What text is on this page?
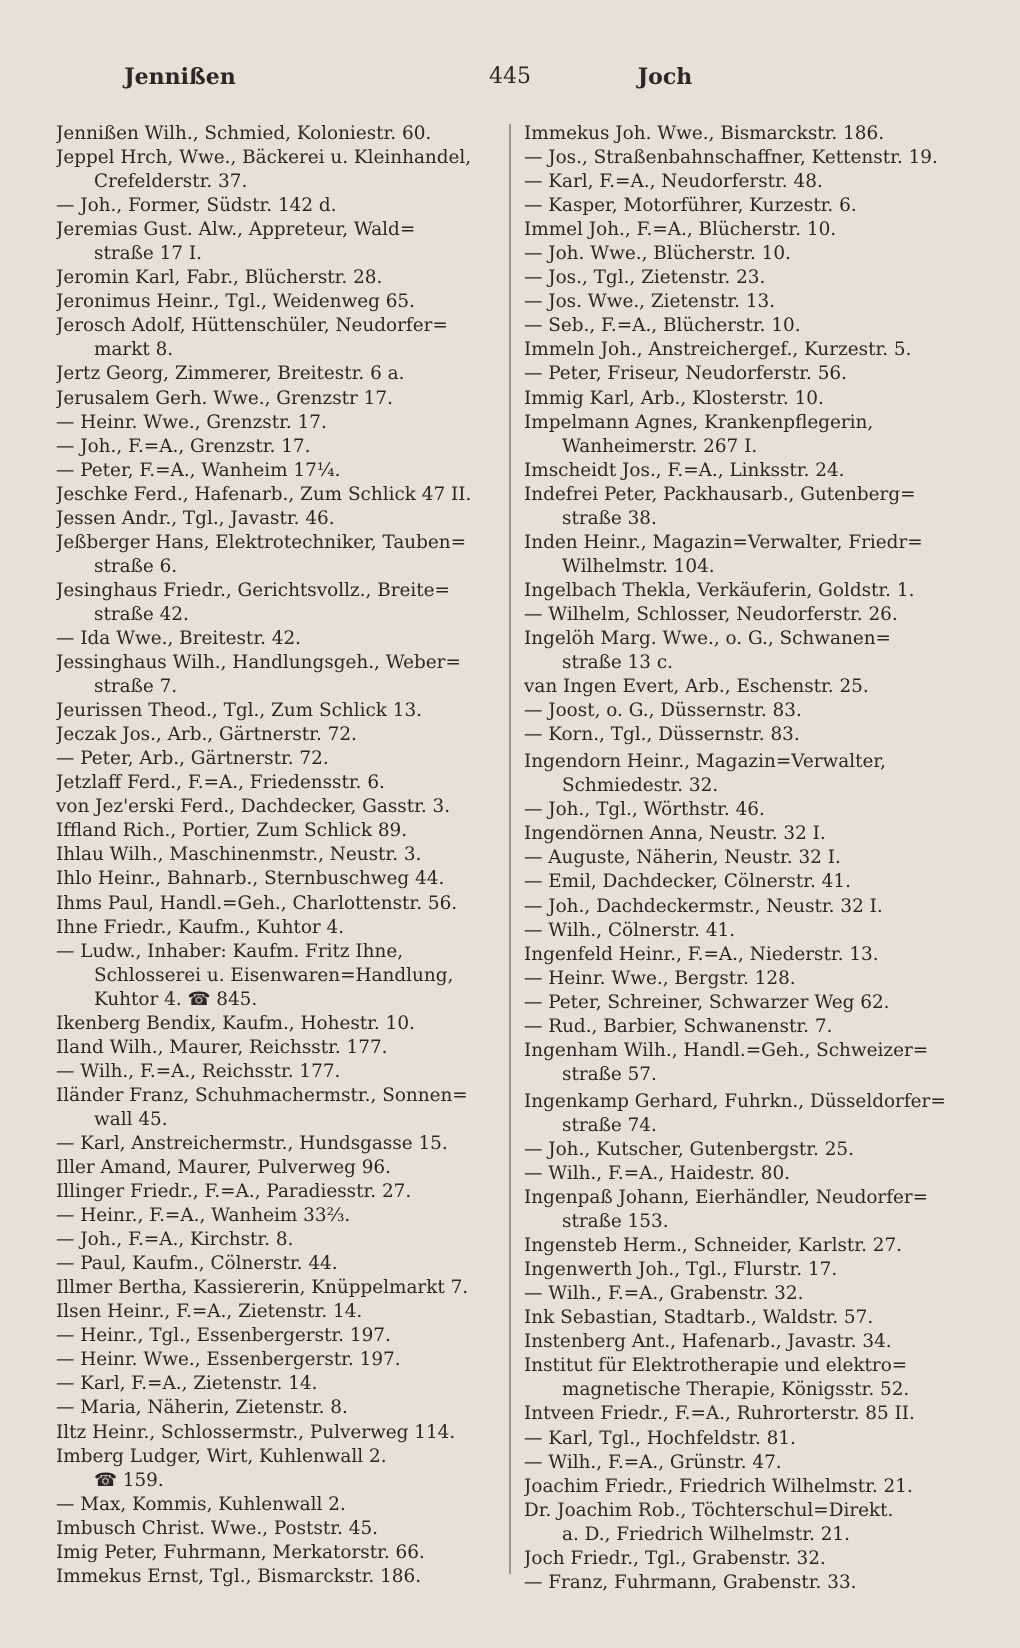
Jennißen	445	Joch
Jennißen Wilh., Schmied, Koloniestr. 60.
Jeppel Hrch, Wwe., Bäckerei u. Kleinhandel,
Crefelderstr. 37.
— Joh., Former, Südstr. 142 d.
Jeremias Gust. Alw., Appreteur, Wald=
straße 17 I.
Jeromin Karl, Fabr., Blücherstr. 28.
Jeronimus Heinr., Tgl., Weidenweg 65.
Jerosch Adolf, Hüttenschüler, Neudorfer=
markt 8.
Jertz Georg, Zimmerer, Breitestr. 6 a.
Jerusalem Gerh. Wwe., Grenzstr 17.
— Heinr. Wwe., Grenzstr. 17.
— Joh., F.=A., Grenzstr. 17.
— Peter, F.=A., Wanheim 17¼.
Jeschke Ferd., Hafenarb., Zum Schlick 47 II.
Jessen Andr., Tgl., Javastr. 46.
Jeßberger Hans, Elektrotechniker, Tauben=
straße 6.
Jesinghaus Friedr., Gerichtsvollz., Breite=
straße 42.
— Ida Wwe., Breitestr. 42.
Jessinghaus Wilh., Handlungsgeh., Weber=
straße 7.
Jeurissen Theod., Tgl., Zum Schlick 13.
Jeczak Jos., Arb., Gärtnerstr. 72.
— Peter, Arb., Gärtnerstr. 72.
Jetzlaff Ferd., F.=A., Friedensstr. 6.
von Jez'erski Ferd., Dachdecker, Gasstr. 3.
Iffland Rich., Portier, Zum Schlick 89.
Ihlau Wilh., Maschinenmstr., Neustr. 3.
Ihlo Heinr., Bahnarb., Sternbuschweg 44.
Ihms Paul, Handl.=Geh., Charlottenstr. 56.
Ihne Friedr., Kaufm., Kuhtor 4.
— Ludw., Inhaber: Kaufm. Fritz Ihne,
Schlosserei u. Eisenwaren=Handlung,
Kuhtor 4. ☎ 845.
Ikenberg Bendix, Kaufm., Hohestr. 10.
Iland Wilh., Maurer, Reichsstr. 177.
— Wilh., F.=A., Reichsstr. 177.
Iländer Franz, Schuhmachermstr., Sonnen=
wall 45.
— Karl, Anstreichermstr., Hundsgasse 15.
Iller Amand, Maurer, Pulverweg 96.
Illinger Friedr., F.=A., Paradiesstr. 27.
— Heinr., F.=A., Wanheim 33⅔.
— Joh., F.=A., Kirchstr. 8.
— Paul, Kaufm., Cölnerstr. 44.
Illmer Bertha, Kassiererin, Knüppelmarkt 7.
Ilsen Heinr., F.=A., Zietenstr. 14.
— Heinr., Tgl., Essenbergerstr. 197.
— Heinr. Wwe., Essenbergerstr. 197.
— Karl, F.=A., Zietenstr. 14.
— Maria, Näherin, Zietenstr. 8.
Iltz Heinr., Schlossermstr., Pulverweg 114.
Imberg Ludger, Wirt, Kuhlenwall 2.
☎ 159.
— Max, Kommis, Kuhlenwall 2.
Imbusch Christ. Wwe., Poststr. 45.
Imig Peter, Fuhrmann, Merkatorstr. 66.
Immekus Ernst, Tgl., Bismarckstr. 186.
Immekus Joh. Wwe., Bismarckstr. 186.
— Jos., Straßenbahnschaffner, Kettenstr. 19.
— Karl, F.=A., Neudorferstr. 48.
— Kasper, Motorführer, Kurzestr. 6.
Immel Joh., F.=A., Blücherstr. 10.
— Joh. Wwe., Blücherstr. 10.
— Jos., Tgl., Zietenstr. 23.
— Jos. Wwe., Zietenstr. 13.
— Seb., F.=A., Blücherstr. 10.
Immeln Joh., Anstreichergef., Kurzestr. 5.
— Peter, Friseur, Neudorferstr. 56.
Immig Karl, Arb., Klosterstr. 10.
Impelmann Agnes, Krankenpflegerin,
Wanheimerstr. 267 I.
Imscheidt Jos., F.=A., Linksstr. 24.
Indefrei Peter, Packhausarb., Gutenberg=
straße 38.
Inden Heinr., Magazin=Verwalter, Friedr=
Wilhelmstr. 104.
Ingelbach Thekla, Verkäuferin, Goldstr. 1.
— Wilhelm, Schlosser, Neudorferstr. 26.
Ingelöh Marg. Wwe., o. G., Schwanen=
straße 13 c.
van Ingen Evert, Arb., Eschenstr. 25.
— Joost, o. G., Düssernstr. 83.
— Korn., Tgl., Düssernstr. 83.
Ingendorn Heinr., Magazin=Verwalter,
Schmiedestr. 32.
— Joh., Tgl., Wörthstr. 46.
Ingendörnen Anna, Neustr. 32 I.
— Auguste, Näherin, Neustr. 32 I.
— Emil, Dachdecker, Cölnerstr. 41.
— Joh., Dachdeckermstr., Neustr. 32 I.
— Wilh., Cölnerstr. 41.
Ingenfeld Heinr., F.=A., Niederstr. 13.
— Heinr. Wwe., Bergstr. 128.
— Peter, Schreiner, Schwarzer Weg 62.
— Rud., Barbier, Schwanenstr. 7.
Ingenham Wilh., Handl.=Geh., Schweizer=
straße 57.
Ingenkamp Gerhard, Fuhrkn., Düsseldorfer=
straße 74.
— Joh., Kutscher, Gutenbergstr. 25.
— Wilh., F.=A., Haidestr. 80.
Ingenpaß Johann, Eierhändler, Neudorfer=
straße 153.
Ingensteb Herm., Schneider, Karlstr. 27.
Ingenwerth Joh., Tgl., Flurstr. 17.
— Wilh., F.=A., Grabenstr. 32.
Ink Sebastian, Stadtarb., Waldstr. 57.
Instenberg Ant., Hafenarb., Javastr. 34.
Institut für Elektrotherapie und elektro=
magnetische Therapie, Königsstr. 52.
Intveen Friedr., F.=A., Ruhrorterstr. 85 II.
— Karl, Tgl., Hochfeldstr. 81.
— Wilh., F.=A., Grünstr. 47.
Joachim Friedr., Friedrich Wilhelmstr. 21.
Dr. Joachim Rob., Töchterschul=Direkt.
a. D., Friedrich Wilhelmstr. 21.
Joch Friedr., Tgl., Grabenstr. 32.
— Franz, Fuhrmann, Grabenstr. 33.
